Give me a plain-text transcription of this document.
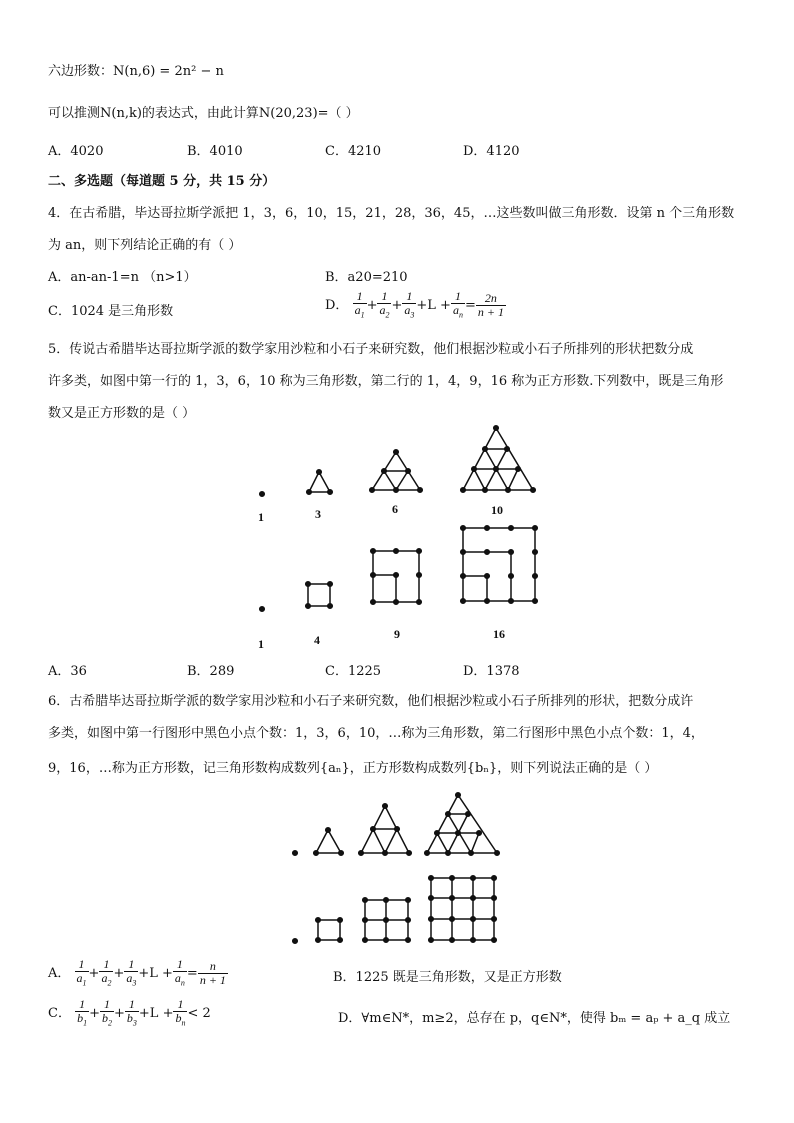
六边形数：N(n,6) = 2n² − n
可以推测N(n,k)的表达式，由此计算N(20,23)=（ ）
A．4020	B．4010	C．4210	D．4120
二、多选题（每道题 5 分，共 15 分）
4．在古希腊，毕达哥拉斯学派把 1，3，6，10，15，21，28，36，45，…这些数叫做三角形数．设第 n 个三角形数
为 an，则下列结论正确的有（ ）
A．an-an-1=n （n>1）	B．a20=210
C．1024 是三角形数	D． $\frac{1}{a_1} + \frac{1}{a_2} + \frac{1}{a_3} +L + \frac{1}{a_n} = \frac{2n}{n + 1}$
5．传说古希腊毕达哥拉斯学派的数学家用沙粒和小石子来研究数，他们根据沙粒或小石子所排列的形状把数分成
许多类，如图中第一行的 1，3，6，10 称为三角形数，第二行的 1，4，9，16 称为正方形数.下列数中，既是三角形
数又是正方形数的是（ ）
1	3	6	10
1	4	9	16
A．36	B．289	C．1225	D．1378
6．古希腊毕达哥拉斯学派的数学家用沙粒和小石子来研究数，他们根据沙粒或小石子所排列的形状，把数分成许
多类，如图中第一行图形中黑色小点个数：1，3，6，10，…称为三角形数，第二行图形中黑色小点个数：1，4，
9，16，…称为正方形数，记三角形数构成数列{aₙ}，正方形数构成数列{bₙ}，则下列说法正确的是（ ）
A． $\frac{1}{a_1} + \frac{1}{a_2} + \frac{1}{a_3} +L + \frac{1}{a_n} = \frac{n}{n + 1}$	B．1225 既是三角形数，又是正方形数
C． $\frac{1}{b_1} + \frac{1}{b_2} + \frac{1}{b_3} +L + \frac{1}{b_n} < 2$	D．∀m∈N*，m≥2，总存在 p，q∈N*，使得 bₘ = aₚ + a_q 成立
